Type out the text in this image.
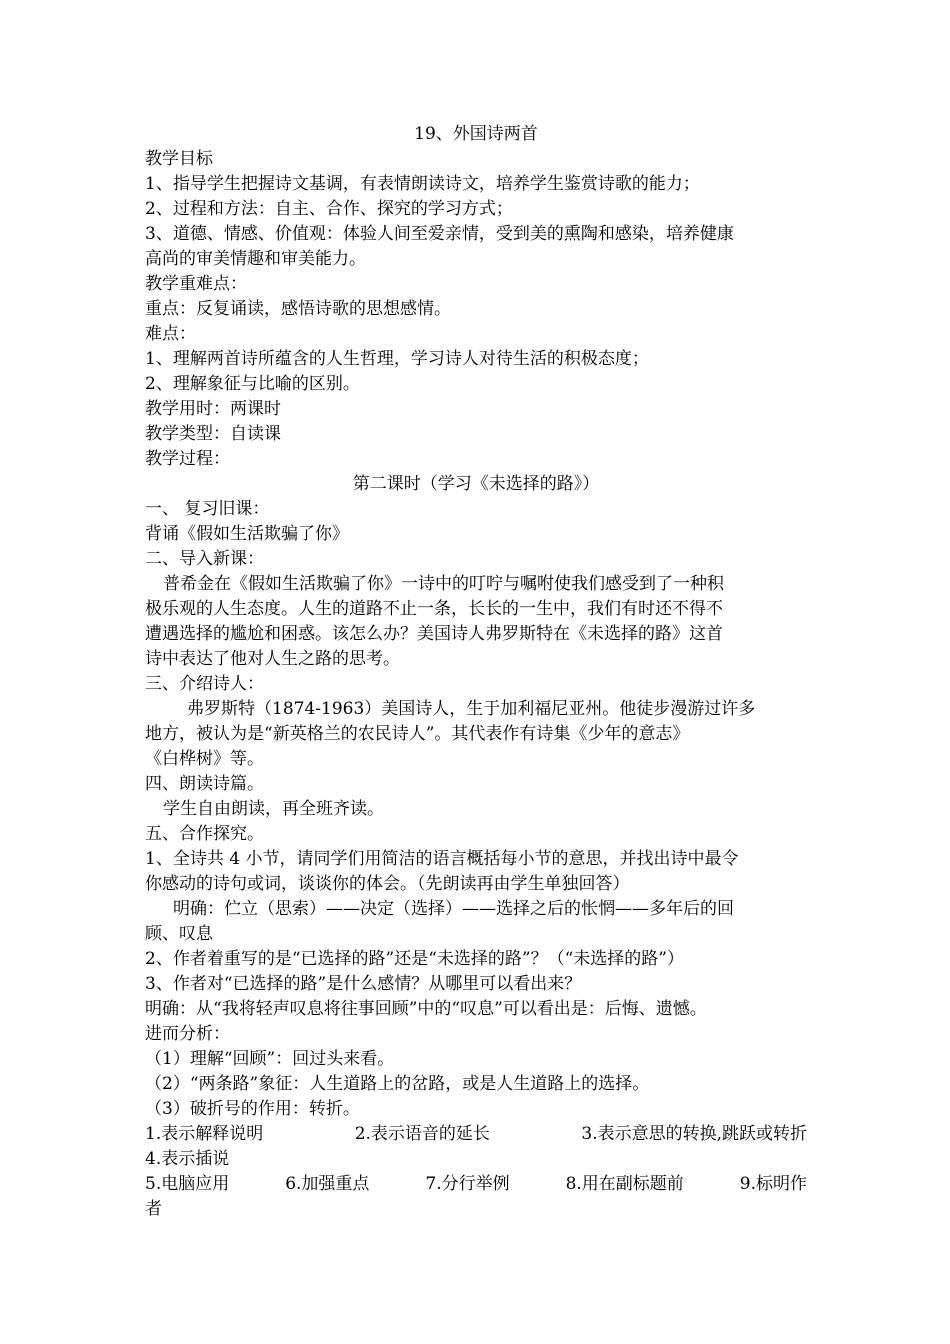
19、外国诗两首
教学目标
1、指导学生把握诗文基调，有表情朗读诗文，培养学生鉴赏诗歌的能力；
2、过程和方法：自主、合作、探究的学习方式；
3、道德、情感、价值观：体验人间至爱亲情，受到美的熏陶和感染，培养健康
高尚的审美情趣和审美能力。
教学重难点：
重点：反复诵读，感悟诗歌的思想感情。
难点：
1、理解两首诗所蕴含的人生哲理，学习诗人对待生活的积极态度；
2、理解象征与比喻的区别。
教学用时：两课时
教学类型：自读课
教学过程：
第二课时（学习《未选择的路》）
一、 复习旧课：
背诵《假如生活欺骗了你》
二、导入新课：
普希金在《假如生活欺骗了你》一诗中的叮咛与嘱咐使我们感受到了一种积
极乐观的人生态度。人生的道路不止一条，长长的一生中，我们有时还不得不
遭遇选择的尴尬和困惑。该怎么办？美国诗人弗罗斯特在《未选择的路》这首
诗中表达了他对人生之路的思考。
三、介绍诗人：
弗罗斯特（1874-1963）美国诗人，生于加利福尼亚州。他徒步漫游过许多
地方，被认为是“新英格兰的农民诗人”。其代表作有诗集《少年的意志》
《白桦树》等。
四、朗读诗篇。
学生自由朗读，再全班齐读。
五、合作探究。
1、全诗共 4 小节，请同学们用简洁的语言概括每小节的意思，并找出诗中最令
你感动的诗句或词，谈谈你的体会。（先朗读再由学生单独回答）
明确：伫立（思索）——决定（选择）——选择之后的怅惘——多年后的回
顾、叹息
2、作者着重写的是“已选择的路”还是“未选择的路”？（“未选择的路”）
3、作者对“已选择的路”是什么感情？从哪里可以看出来？
明确：从“我将轻声叹息将往事回顾”中的“叹息”可以看出是：后悔、遗憾。
进而分析：
（1）理解“回顾”：回过头来看。
（2）“两条路”象征：人生道路上的岔路，或是人生道路上的选择。
（3）破折号的作用：转折。
1.表示解释说明	2.表示语音的延长	3.表示意思的转换,跳跃或转折
4.表示插说
5.电脑应用	6.加强重点	7.分行举例	8.用在副标题前	9.标明作
者
